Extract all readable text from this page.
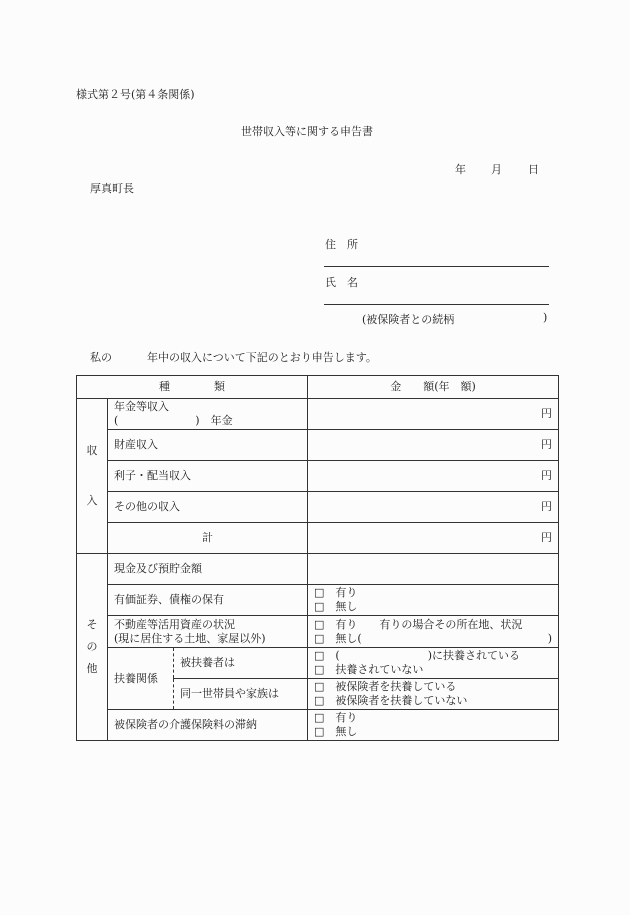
様式第２号(第４条関係)
世帯収入等に関する申告書
年 月 日
厚真町長
住　所
氏　名
(被保険者との続柄	)
私の	年中の収入について下記のとおり申告します。
種　　　　類			金　　額(年　額)

収
入	年金等収入
(　　　　　　　)　年金		円
	財産収入		円
	利子・配当収入		円
	その他の収入		円
	計		円

そ
の
他	現金及び預貯金額		
	有価証券、債権の保有		□　有り
□　無し

	不動産等活用資産の状況
(現に居住する土地、家屋以外)		□　有り　　有りの場合その所在地、状況
□　無し( )

	扶養関係	被扶養者は	□　(　　　　　　　　)に扶養されている
□　扶養されていない

		同一世帯員や家族は	□　被保険者を扶養している
□　被保険者を扶養していない

	被保険者の介護保険料の滞納		□　有り
□　無し
